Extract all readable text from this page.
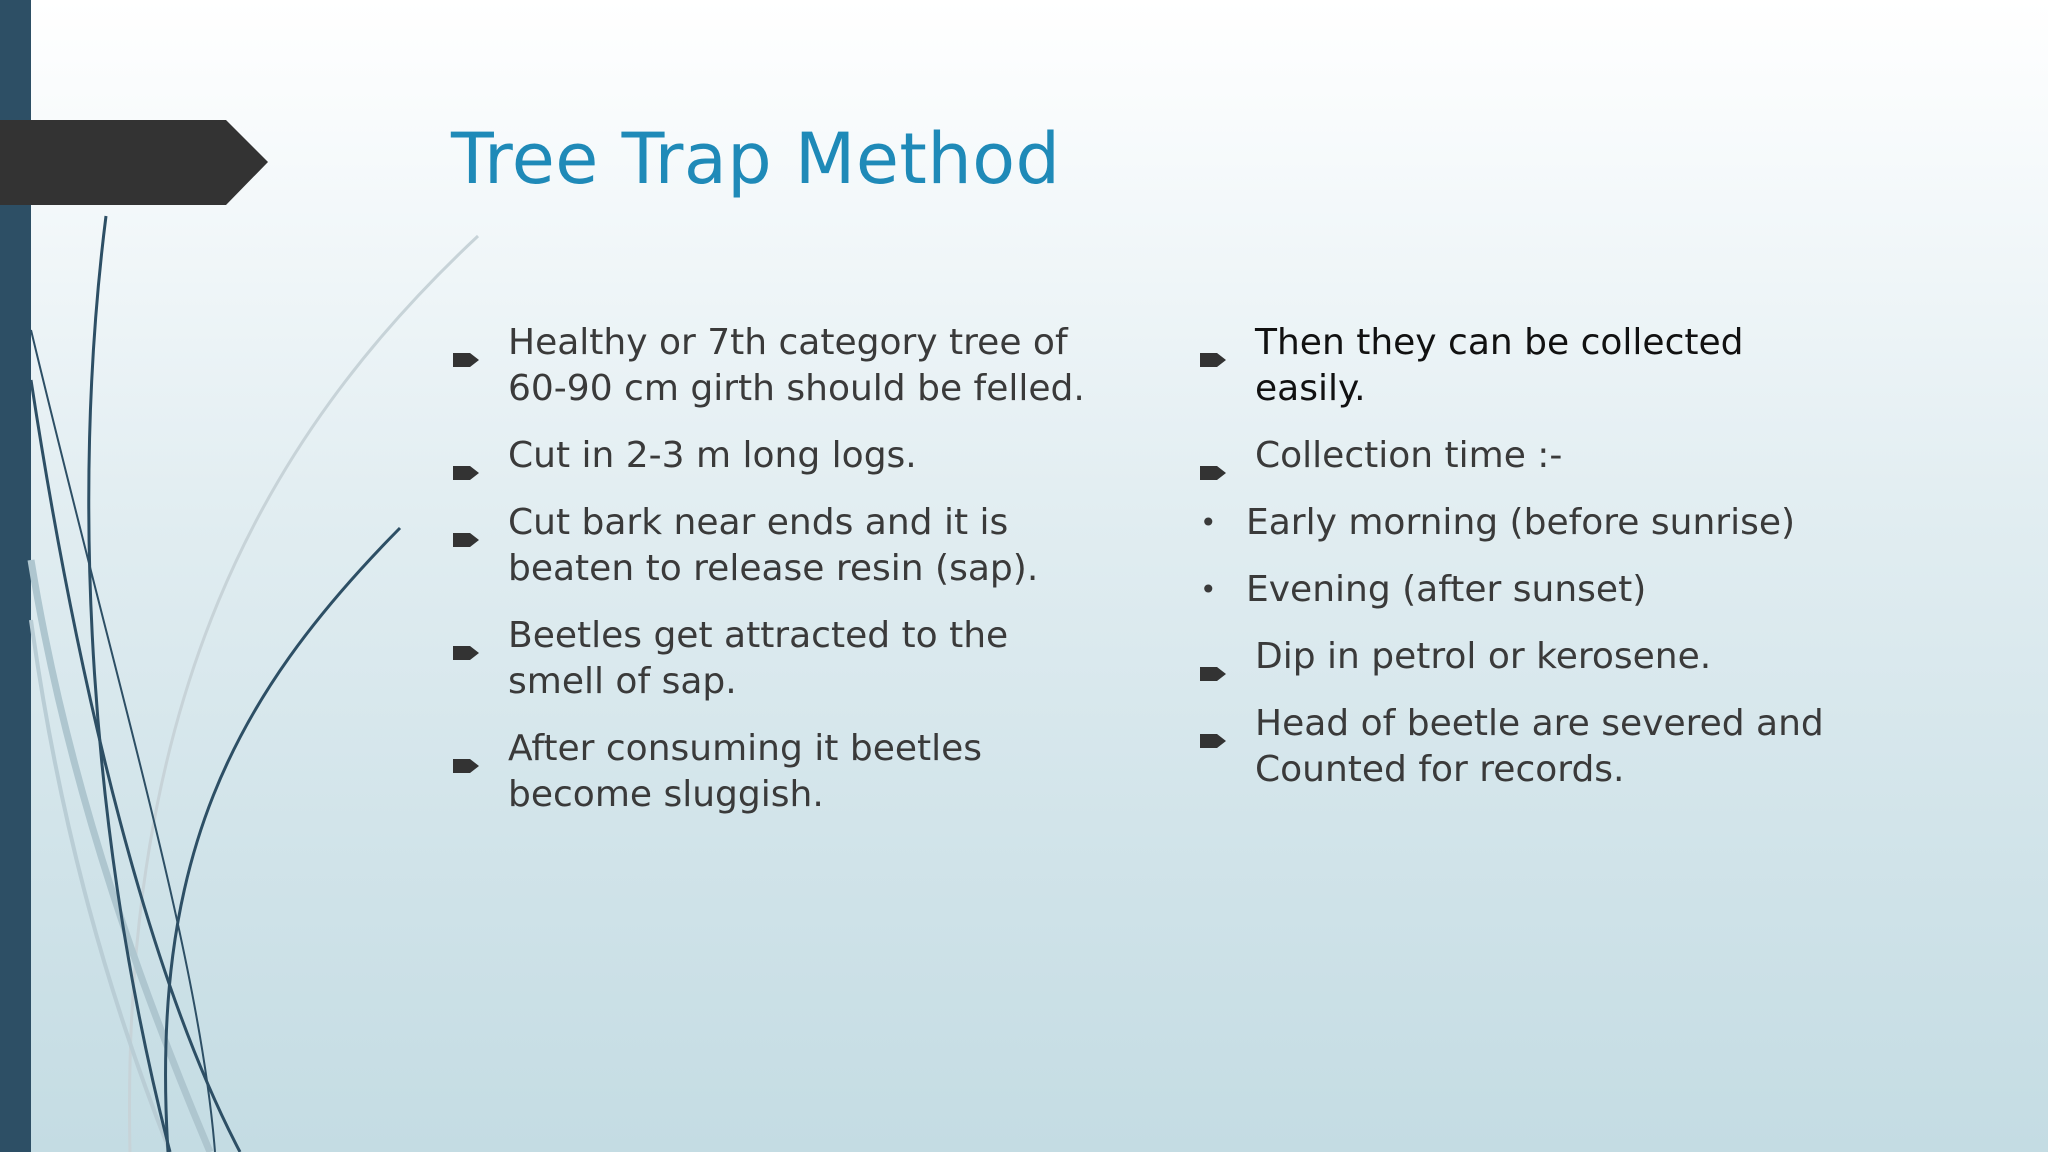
Tree Trap Method
Healthy or 7th category tree of
60-90 cm girth should be felled.
Cut in 2-3 m long logs.
Cut bark near ends and it is
beaten to release resin (sap).
Beetles get attracted to the
smell of sap.
After consuming it beetles
become sluggish.
Then they can be collected
easily.
Collection time :-
• Early morning (before sunrise)
• Evening (after sunset)
Dip in petrol or kerosene.
Head of beetle are severed and
Counted for records.
